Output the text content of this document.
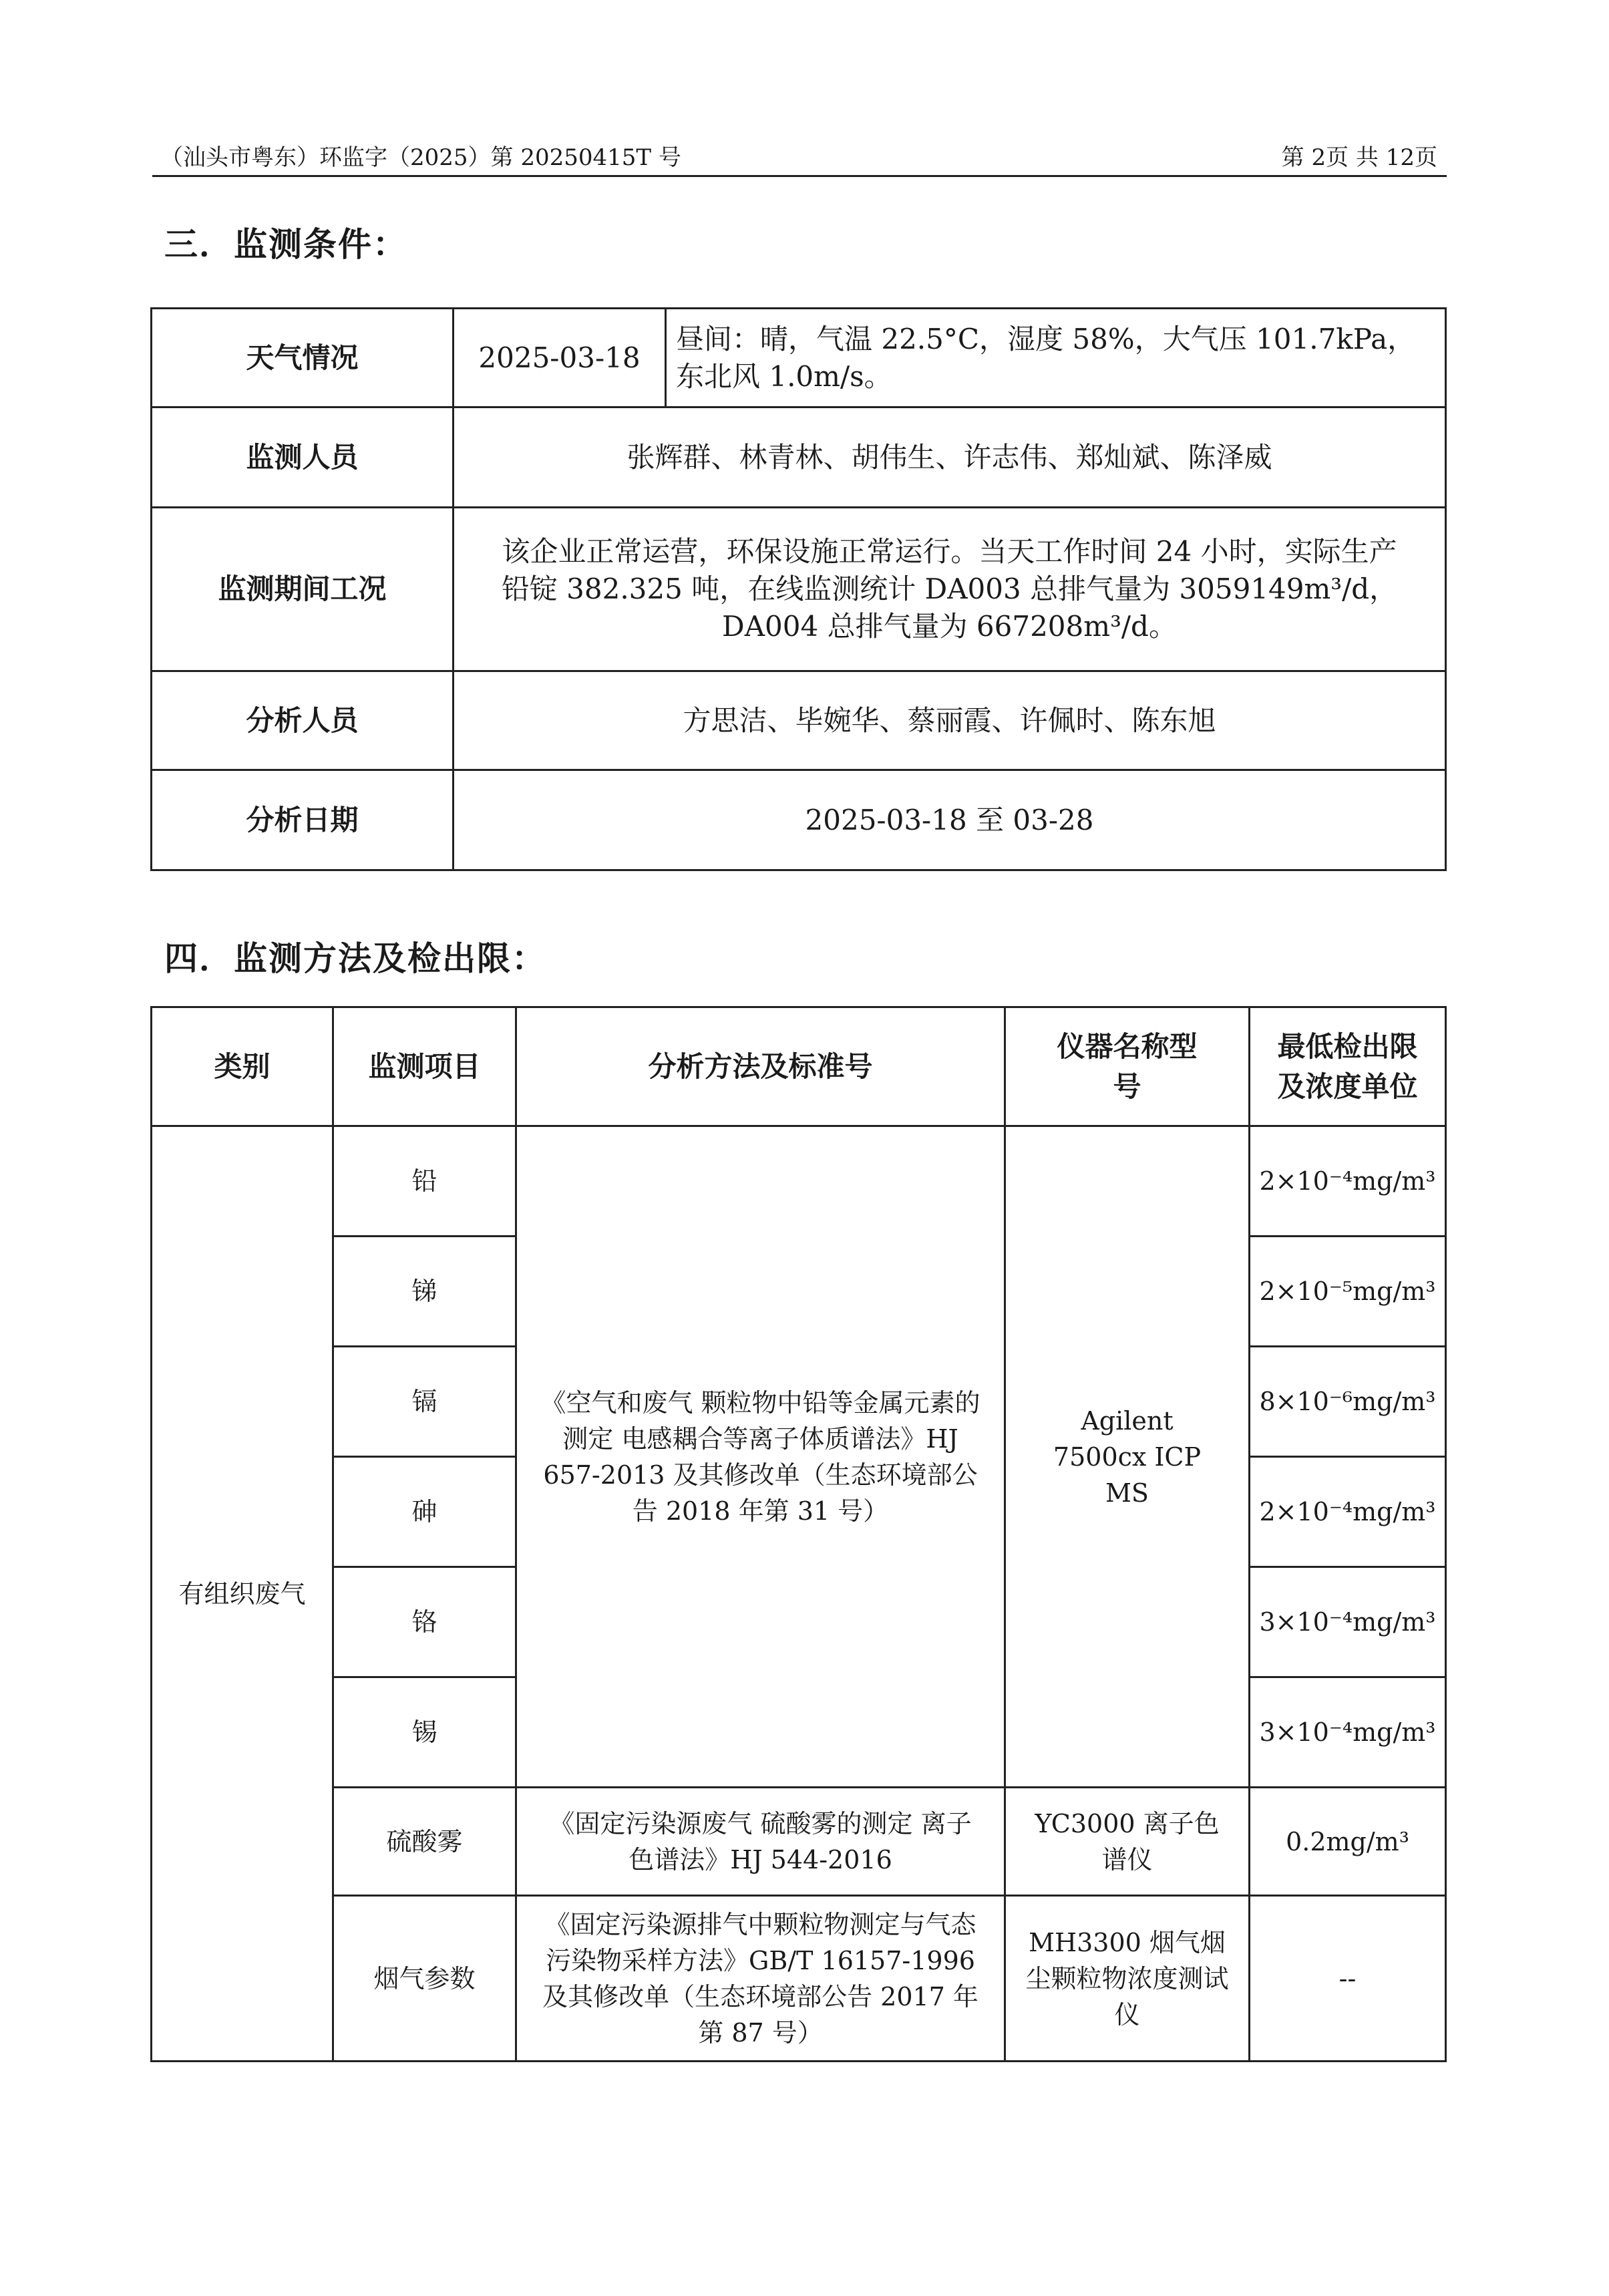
（汕头市粤东）环监字（2025）第 20250415T 号	第 2页 共 12页
三．监测条件：
天气情况	2025-03-18	昼间：晴，气温 22.5°C，湿度 58%，大气压 101.7kPa，东北风 1.0m/s。
监测人员	张辉群、林青林、胡伟生、许志伟、郑灿斌、陈泽威	
监测期间工况	该企业正常运营，环保设施正常运行。当天工作时间 24 小时，实际生产铅锭 382.325 吨，在线监测统计 DA003 总排气量为 3059149m³/d，DA004 总排气量为 667208m³/d。	
分析人员	方思洁、毕婉华、蔡丽霞、许佩时、陈东旭	
分析日期	2025-03-18 至 03-28	
四．监测方法及检出限：
类别	监测项目	分析方法及标准号	仪器名称型号	最低检出限及浓度单位
有组织废气	铅	《空气和废气 颗粒物中铅等金属元素的测定 电感耦合等离子体质谱法》HJ 657-2013 及其修改单（生态环境部公告 2018 年第 31 号）	Agilent 7500cx ICP MS	2×10⁻⁴mg/m³
	锑			2×10⁻⁵mg/m³
	镉			8×10⁻⁶mg/m³
	砷			2×10⁻⁴mg/m³
	铬			3×10⁻⁴mg/m³
	锡			3×10⁻⁴mg/m³
	硫酸雾	《固定污染源废气 硫酸雾的测定 离子色谱法》HJ 544-2016	YC3000 离子色谱仪	0.2mg/m³
	烟气参数	《固定污染源排气中颗粒物测定与气态污染物采样方法》GB/T 16157-1996 及其修改单（生态环境部公告 2017 年第 87 号）	MH3300 烟气烟尘颗粒物浓度测试仪	--
